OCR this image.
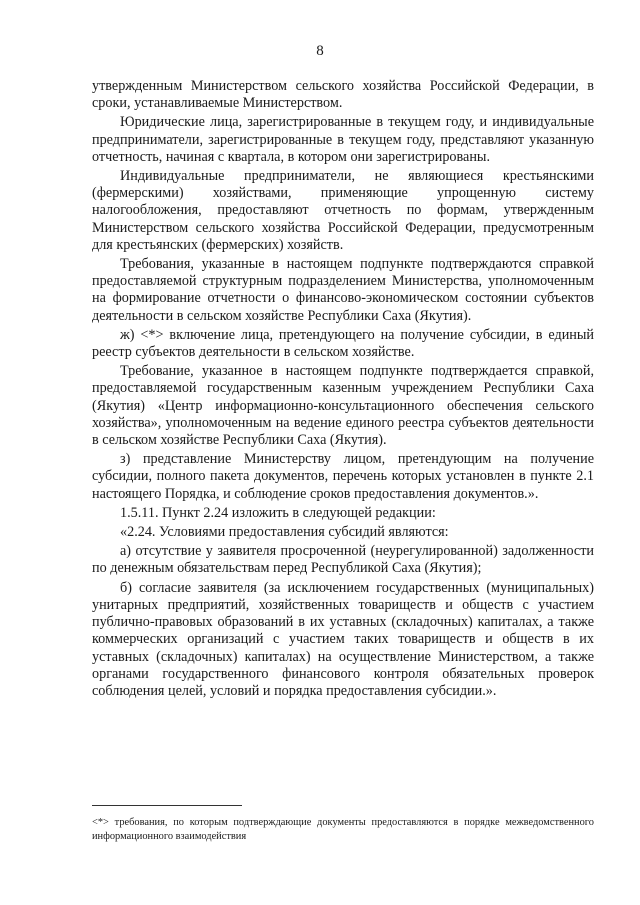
8

утвержденным Министерством сельского хозяйства Российской Федерации, в сроки, устанавливаемые Министерством.

Юридические лица, зарегистрированные в текущем году, и индивидуальные предприниматели, зарегистрированные в текущем году, представляют указанную отчетность, начиная с квартала, в котором они зарегистрированы.

Индивидуальные предприниматели, не являющиеся крестьянскими (фермерскими) хозяйствами, применяющие упрощенную систему налогообложения, предоставляют отчетность по формам, утвержденным Министерством сельского хозяйства Российской Федерации, предусмотренным для крестьянских (фермерских) хозяйств.

Требования, указанные в настоящем подпункте подтверждаются справкой предоставляемой структурным подразделением Министерства, уполномоченным на формирование отчетности о финансово-экономическом состоянии субъектов деятельности в сельском хозяйстве Республики Саха (Якутия).

ж) <*> включение лица, претендующего на получение субсидии, в единый реестр субъектов деятельности в сельском хозяйстве.

Требование, указанное в настоящем подпункте подтверждается справкой, предоставляемой государственным казенным учреждением Республики Саха (Якутия) «Центр информационно-консультационного обеспечения сельского хозяйства», уполномоченным на ведение единого реестра субъектов деятельности в сельском хозяйстве Республики Саха (Якутия).

з) представление Министерству лицом, претендующим на получение субсидии, полного пакета документов, перечень которых установлен в пункте 2.1 настоящего Порядка, и соблюдение сроков предоставления документов.».

1.5.11. Пункт 2.24 изложить в следующей редакции:

«2.24. Условиями предоставления субсидий являются:

а) отсутствие у заявителя просроченной (неурегулированной) задолженности по денежным обязательствам перед Республикой Саха (Якутия);

б) согласие заявителя (за исключением государственных (муниципальных) унитарных предприятий, хозяйственных товариществ и обществ с участием публично-правовых образований в их уставных (складочных) капиталах, а также коммерческих организаций с участием таких товариществ и обществ в их уставных (складочных) капиталах) на осуществление Министерством, а также органами государственного финансового контроля обязательных проверок соблюдения целей, условий и порядка предоставления субсидии.».

<*> требования, по которым подтверждающие документы предоставляются в порядке межведомственного информационного взаимодействия
